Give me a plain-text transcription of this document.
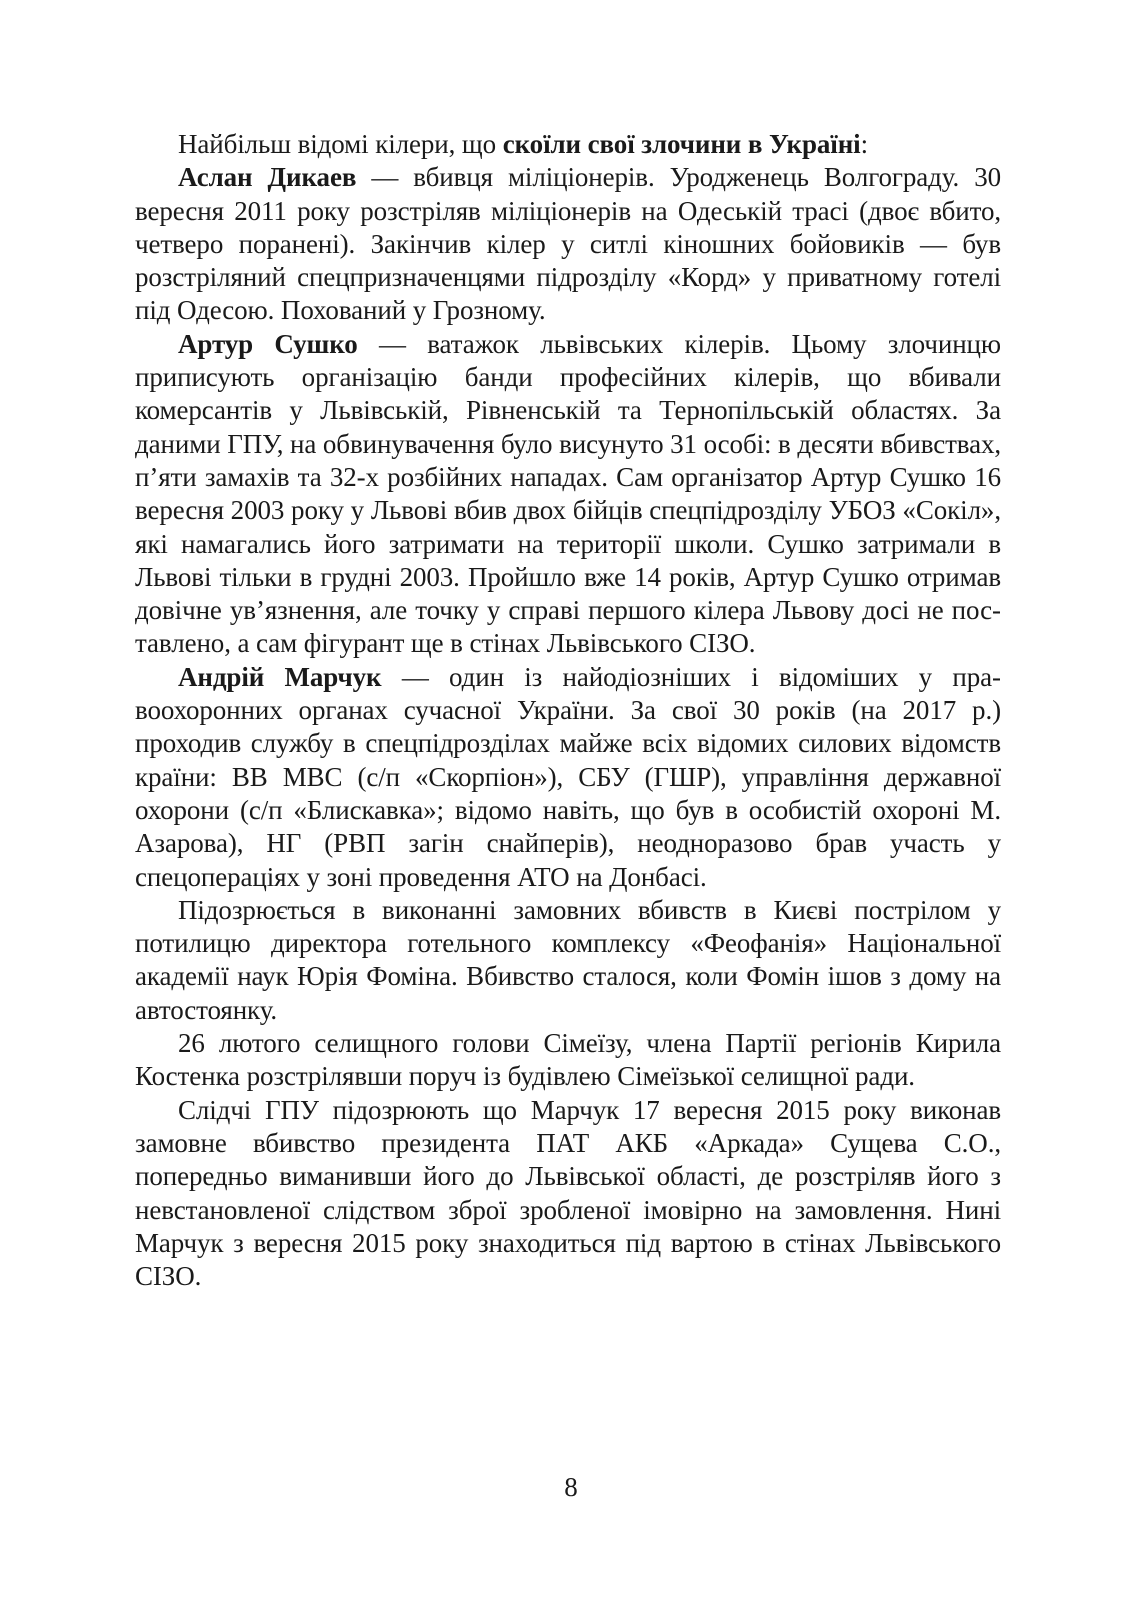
Найбільш відомі кілери, що скоїли свої злочини в Україні:

Аслан Дикаев — вбивця міліціонерів. Уродженець Волгограду. 30 вересня 2011 року розстріляв міліціонерів на Одеській трасі (двоє вбито, четверо поранені). Закінчив кілер у ситлі кіношних бойовиків — був розстріляний спецпризначенцями підрозділу «Корд» у приватному готелі під Одесою. Похований у Грозному.

Артур Сушко — ватажок львівських кілерів. Цьому злочинцю приписують організацію банди професійних кілерів, що вбивали комерсантів у Львівській, Рівненській та Тернопільській областях. За даними ГПУ, на обвинувачення було висунуто 31 особі: в десяти вбивствах, п’яти замахів та 32-х розбійних нападах. Сам організатор Артур Сушко 16 вересня 2003 року у Львові вбив двох бійців спецпідрозділу УБОЗ «Сокіл», які намагались його затримати на території школи. Сушко затримали в Львові тільки в грудні 2003. Пройшло вже 14 років, Артур Сушко отримав довічне ув’язнення, але точку у справі першого кілера Львову досі не поставлено, а сам фігурант ще в стінах Львівського СІЗО.

Андрій Марчук — один із найодіозніших і відоміших у правоохоронних органах сучасної України. За свої 30 років (на 2017 р.) проходив службу в спецпідрозділах майже всіх відомих силових відомств країни: ВВ МВС (с/п «Скорпіон»), СБУ (ГШР), управління державної охорони (с/п «Блискавка»; відомо навіть, що був в особистій охороні М. Азарова), НГ (РВП загін снайперів), неодноразово брав участь у спецопераціях у зоні проведення АТО на Донбасі.

Підозрюється в виконанні замовних вбивств в Києві пострілом у потилицю директора готельного комплексу «Феофанія» Національної академії наук Юрія Фоміна. Вбивство сталося, коли Фомін ішов з дому на автостоянку.

26 лютого селищного голови Сімеїзу, члена Партії регіонів Кирила Костенка розстрілявши поруч із будівлею Сімеїзької селищної ради.

Слідчі ГПУ підозрюють що Марчук 17 вересня 2015 року виконав замовне вбивство президента ПАТ АКБ «Аркада» Сущева С.О., попередньо виманивши його до Львівської області, де розстріляв його з невстановленої слідством зброї зробленої імовірно на замовлення. Нині Марчук з вересня 2015 року знаходиться під вартою в стінах Львівського СІЗО.

8
